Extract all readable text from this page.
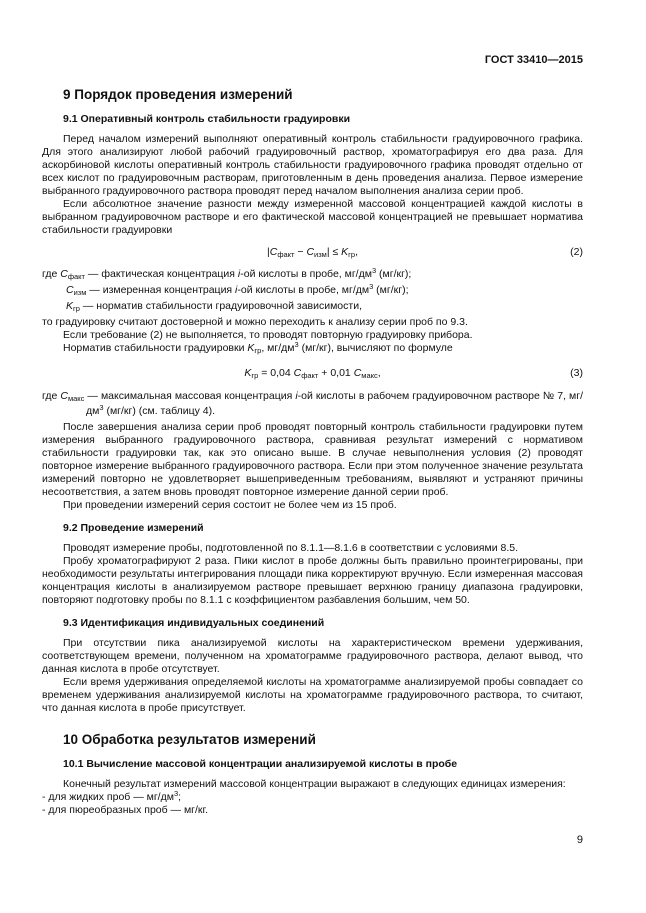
ГОСТ 33410—2015
9 Порядок проведения измерений
9.1 Оперативный контроль стабильности градуировки

Перед началом измерений выполняют оперативный контроль стабильности градуировочного графика. Для этого анализируют любой рабочий градуировочный раствор, хроматографируя его два раза. Для аскорбиновой кислоты оперативный контроль стабильности градуировочного графика проводят отдельно от всех кислот по градуировочным растворам, приготовленным в день проведения анализа. Первое измерение выбранного градуировочного раствора проводят перед началом выполнения анализа серии проб.

Если абсолютное значение разности между измеренной массовой концентрацией каждой кислоты в выбранном градуировочном растворе и его фактической массовой концентрацией не превышает норматива стабильности градуировки

$|C_{факт} - C_{изм}| \le K_{гр}$,	(2)

где $C_{факт}$ — фактическая концентрация i-ой кислоты в пробе, $мг/дм^3$ (мг/кг);

$C_{изм}$ — измеренная концентрация i-ой кислоты в пробе, $мг/дм^3$ (мг/кг);

$K_{гр}$ — норматив стабильности градуировочной зависимости,

то градуировку считают достоверной и можно переходить к анализу серии проб по 9.3.

Если требование (2) не выполняется, то проводят повторную градуировку прибора.

Норматив стабильности градуировки $K_{гр}$, $мг/дм^3$ (мг/кг), вычисляют по формуле

$K_{гр} = 0,04$ $C_{факт} + 0,01$ $C_{макс}$,	(3)

где $C_{макс}$ — максимальная массовая концентрация i-ой кислоты в рабочем градуировочном растворе № 7, $мг/дм^3$ (мг/кг) (см. таблицу 4).

После завершения анализа серии проб проводят повторный контроль стабильности градуировки путем измерения выбранного градуировочного раствора, сравнивая результат измерений с нормативом стабильности градуировки так, как это описано выше. В случае невыполнения условия (2) проводят повторное измерение выбранного градуировочного раствора. Если при этом полученное значение результата измерений повторно не удовлетворяет вышеприведенным требованиям, выявляют и устраняют причины несоответствия, а затем вновь проводят повторное измерение данной серии проб.

При проведении измерений серия состоит не более чем из 15 проб.

9.2 Проведение измерений

Проводят измерение пробы, подготовленной по 8.1.1—8.1.6 в соответствии с условиями 8.5.

Пробу хроматографируют 2 раза. Пики кислот в пробе должны быть правильно проинтегрированы, при необходимости результаты интегрирования площади пика корректируют вручную. Если измеренная массовая концентрация кислоты в анализируемом растворе превышает верхнюю границу диапазона градуировки, повторяют подготовку пробы по 8.1.1 с коэффициентом разбавления большим, чем 50.

9.3 Идентификация индивидуальных соединений

При отсутствии пика анализируемой кислоты на характеристическом времени удерживания, соответствующем времени, полученном на хроматограмме градуировочного раствора, делают вывод, что данная кислота в пробе отсутствует.

Если время удерживания определяемой кислоты на хроматограмме анализируемой пробы совпадает со временем удерживания анализируемой кислоты на хроматограмме градуировочного раствора, то считают, что данная кислота в пробе присутствует.

10 Обработка результатов измерений
10.1 Вычисление массовой концентрации анализируемой кислоты в пробе

Конечный результат измерений массовой концентрации выражают в следующих единицах измерения:

- для жидких проб — $мг/дм^3$;

- для пюреобразных проб — мг/кг.

9
